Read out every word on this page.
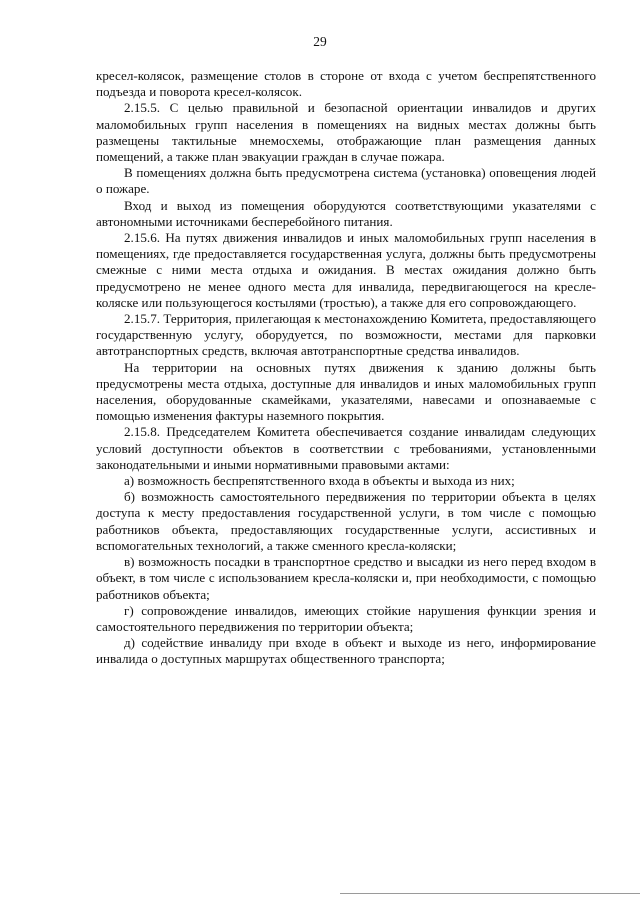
29

кресел-колясок, размещение столов в стороне от входа с учетом беспрепятственного подъезда и поворота кресел-колясок.

2.15.5. С целью правильной и безопасной ориентации инвалидов и других маломобильных групп населения в помещениях на видных местах должны быть размещены тактильные мнемосхемы, отображающие план размещения данных помещений, а также план эвакуации граждан в случае пожара.

В помещениях должна быть предусмотрена система (установка) оповещения людей о пожаре.

Вход и выход из помещения оборудуются соответствующими указателями с автономными источниками бесперебойного питания.

2.15.6. На путях движения инвалидов и иных маломобильных групп населения в помещениях, где предоставляется государственная услуга, должны быть предусмотрены смежные с ними места отдыха и ожидания. В местах ожидания должно быть предусмотрено не менее одного места для инвалида, передвигающегося на кресле-коляске или пользующегося костылями (тростью), а также для его сопровождающего.

2.15.7. Территория, прилегающая к местонахождению Комитета, предоставляющего государственную услугу, оборудуется, по возможности, местами для парковки автотранспортных средств, включая автотранспортные средства инвалидов.

На территории на основных путях движения к зданию должны быть предусмотрены места отдыха, доступные для инвалидов и иных маломобильных групп населения, оборудованные скамейками, указателями, навесами и опознаваемые с помощью изменения фактуры наземного покрытия.

2.15.8. Председателем Комитета обеспечивается создание инвалидам следующих условий доступности объектов в соответствии с требованиями, установленными законодательными и иными нормативными правовыми актами:

а) возможность беспрепятственного входа в объекты и выхода из них;

б) возможность самостоятельного передвижения по территории объекта в целях доступа к месту предоставления государственной услуги, в том числе с помощью работников объекта, предоставляющих государственные услуги, ассистивных и вспомогательных технологий, а также сменного кресла-коляски;

в) возможность посадки в транспортное средство и высадки из него перед входом в объект, в том числе с использованием кресла-коляски и, при необходимости, с помощью работников объекта;

г) сопровождение инвалидов, имеющих стойкие нарушения функции зрения и самостоятельного передвижения по территории объекта;

д) содействие инвалиду при входе в объект и выходе из него, информирование инвалида о доступных маршрутах общественного транспорта;
